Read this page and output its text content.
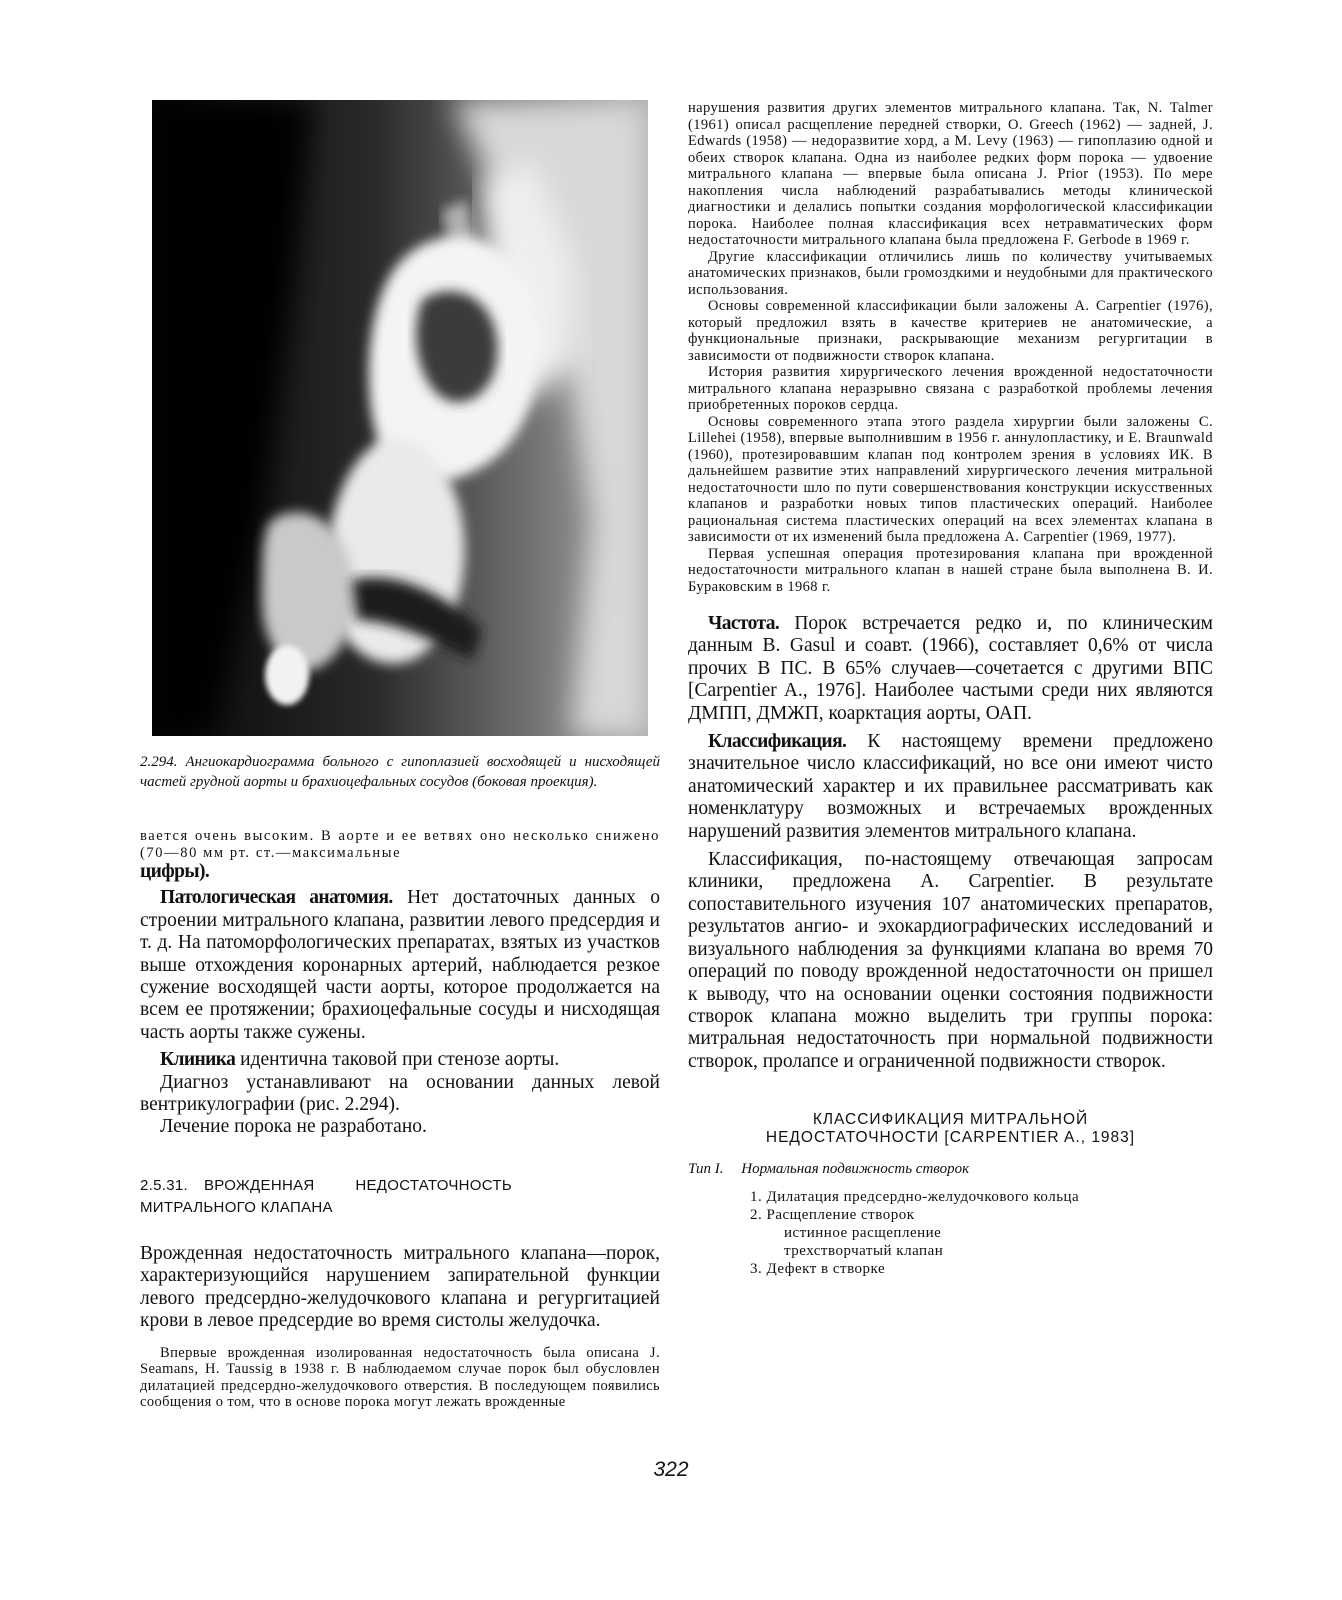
2.294. Ангиокардиограмма больного с гипоплазией восходящей и нисходящей частей грудной аорты и брахиоцефальных сосудов (боковая проекция).

вается очень высоким. В аорте и ее ветвях оно несколько снижено (70—80 мм рт. ст.—максимальные

цифры).

Патологическая анатомия. Нет достаточных данных о строении митрального клапана, развитии левого предсердия и т. д. На патоморфологических препаратах, взятых из участков выше отхождения коронарных артерий, наблюдается резкое сужение восходящей части аорты, которое продолжается на всем ее протяжении; брахиоцефальные сосуды и нисходящая часть аорты также сужены.

Клиника идентична таковой при стенозе аорты.

Диагноз устанавливают на основании данных левой вентрикулографии (рис. 2.294).

Лечение порока не разработано.

2.5.31. ВРОЖДЕННАЯ НЕДОСТАТОЧНОСТЬ
МИТРАЛЬНОГО КЛАПАНА

Врожденная недостаточность митрального клапана—порок, характеризующийся нарушением запирательной функции левого предсердно-желудочкового клапана и регургитацией крови в левое предсердие во время систолы желудочка.

Впервые врожденная изолированная недостаточность была описана J. Seamans, H. Taussig в 1938 г. В наблюдаемом случае порок был обусловлен дилатацией предсердно-желудочкового отверстия. В последующем появились сообщения о том, что в основе порока могут лежать врожденные

нарушения развития других элементов митрального клапана. Так, N. Talmer (1961) описал расщепление передней створки, O. Greech (1962) — задней, J. Edwards (1958) — недоразвитие хорд, а M. Levy (1963) — гипоплазию одной и обеих створок клапана. Одна из наиболее редких форм порока — удвоение митрального клапана — впервые была описана J. Prior (1953). По мере накопления числа наблюдений разрабатывались методы клинической диагностики и делались попытки создания морфологической классификации порока. Наиболее полная классификация всех нетравматических форм недостаточности митрального клапана была предложена F. Gerbode в 1969 г.

Другие классификации отличились лишь по количеству учитываемых анатомических признаков, были громоздкими и неудобными для практического использования.

Основы современной классификации были заложены A. Carpentier (1976), который предложил взять в качестве критериев не анатомические, а функциональные признаки, раскрывающие механизм регургитации в зависимости от подвижности створок клапана.

История развития хирургического лечения врожденной недостаточности митрального клапана неразрывно связана с разработкой проблемы лечения приобретенных пороков сердца.

Основы современного этапа этого раздела хирургии были заложены C. Lillehei (1958), впервые выполнившим в 1956 г. аннулопластику, и E. Braunwald (1960), протезировавшим клапан под контролем зрения в условиях ИК. В дальнейшем развитие этих направлений хирургического лечения митральной недостаточности шло по пути совершенствования конструкции искусственных клапанов и разработки новых типов пластических операций. Наиболее рациональная система пластических операций на всех элементах клапана в зависимости от их изменений была предложена A. Carpentier (1969, 1977).

Первая успешная операция протезирования клапана при врожденной недостаточности митрального клапан в нашей стране была выполнена В. И. Бураковским в 1968 г.

Частота. Порок встречается редко и, по клиническим данным B. Gasul и соавт. (1966), составляет 0,6% от числа прочих В ПС. В 65% случаев—сочетается с другими ВПС [Carpentier A., 1976]. Наиболее частыми среди них являются ДМПП, ДМЖП, коарктация аорты, ОАП.

Классификация. К настоящему времени предложено значительное число классификаций, но все они имеют чисто анатомический характер и их правильнее рассматривать как номенклатуру возможных и встречаемых врожденных нарушений развития элементов митрального клапана.

Классификация, по-настоящему отвечающая запросам клиники, предложена A. Carpentier. В результате сопоставительного изучения 107 анатомических препаратов, результатов ангио- и эхокардиографических исследований и визуального наблюдения за функциями клапана во время 70 операций по поводу врожденной недостаточности он пришел к выводу, что на основании оценки состояния подвижности створок клапана можно выделить три группы порока: митральная недостаточность при нормальной подвижности створок, пролапсе и ограниченной подвижности створок.

КЛАССИФИКАЦИЯ МИТРАЛЬНОЙ
НЕДОСТАТОЧНОСТИ [CARPENTIER A., 1983]
Тип I. Нормальная подвижность створок
1. Дилатация предсердно-желудочкового кольца
2. Расщепление створок
истинное расщепление
трехстворчатый клапан
3. Дефект в створке
322
